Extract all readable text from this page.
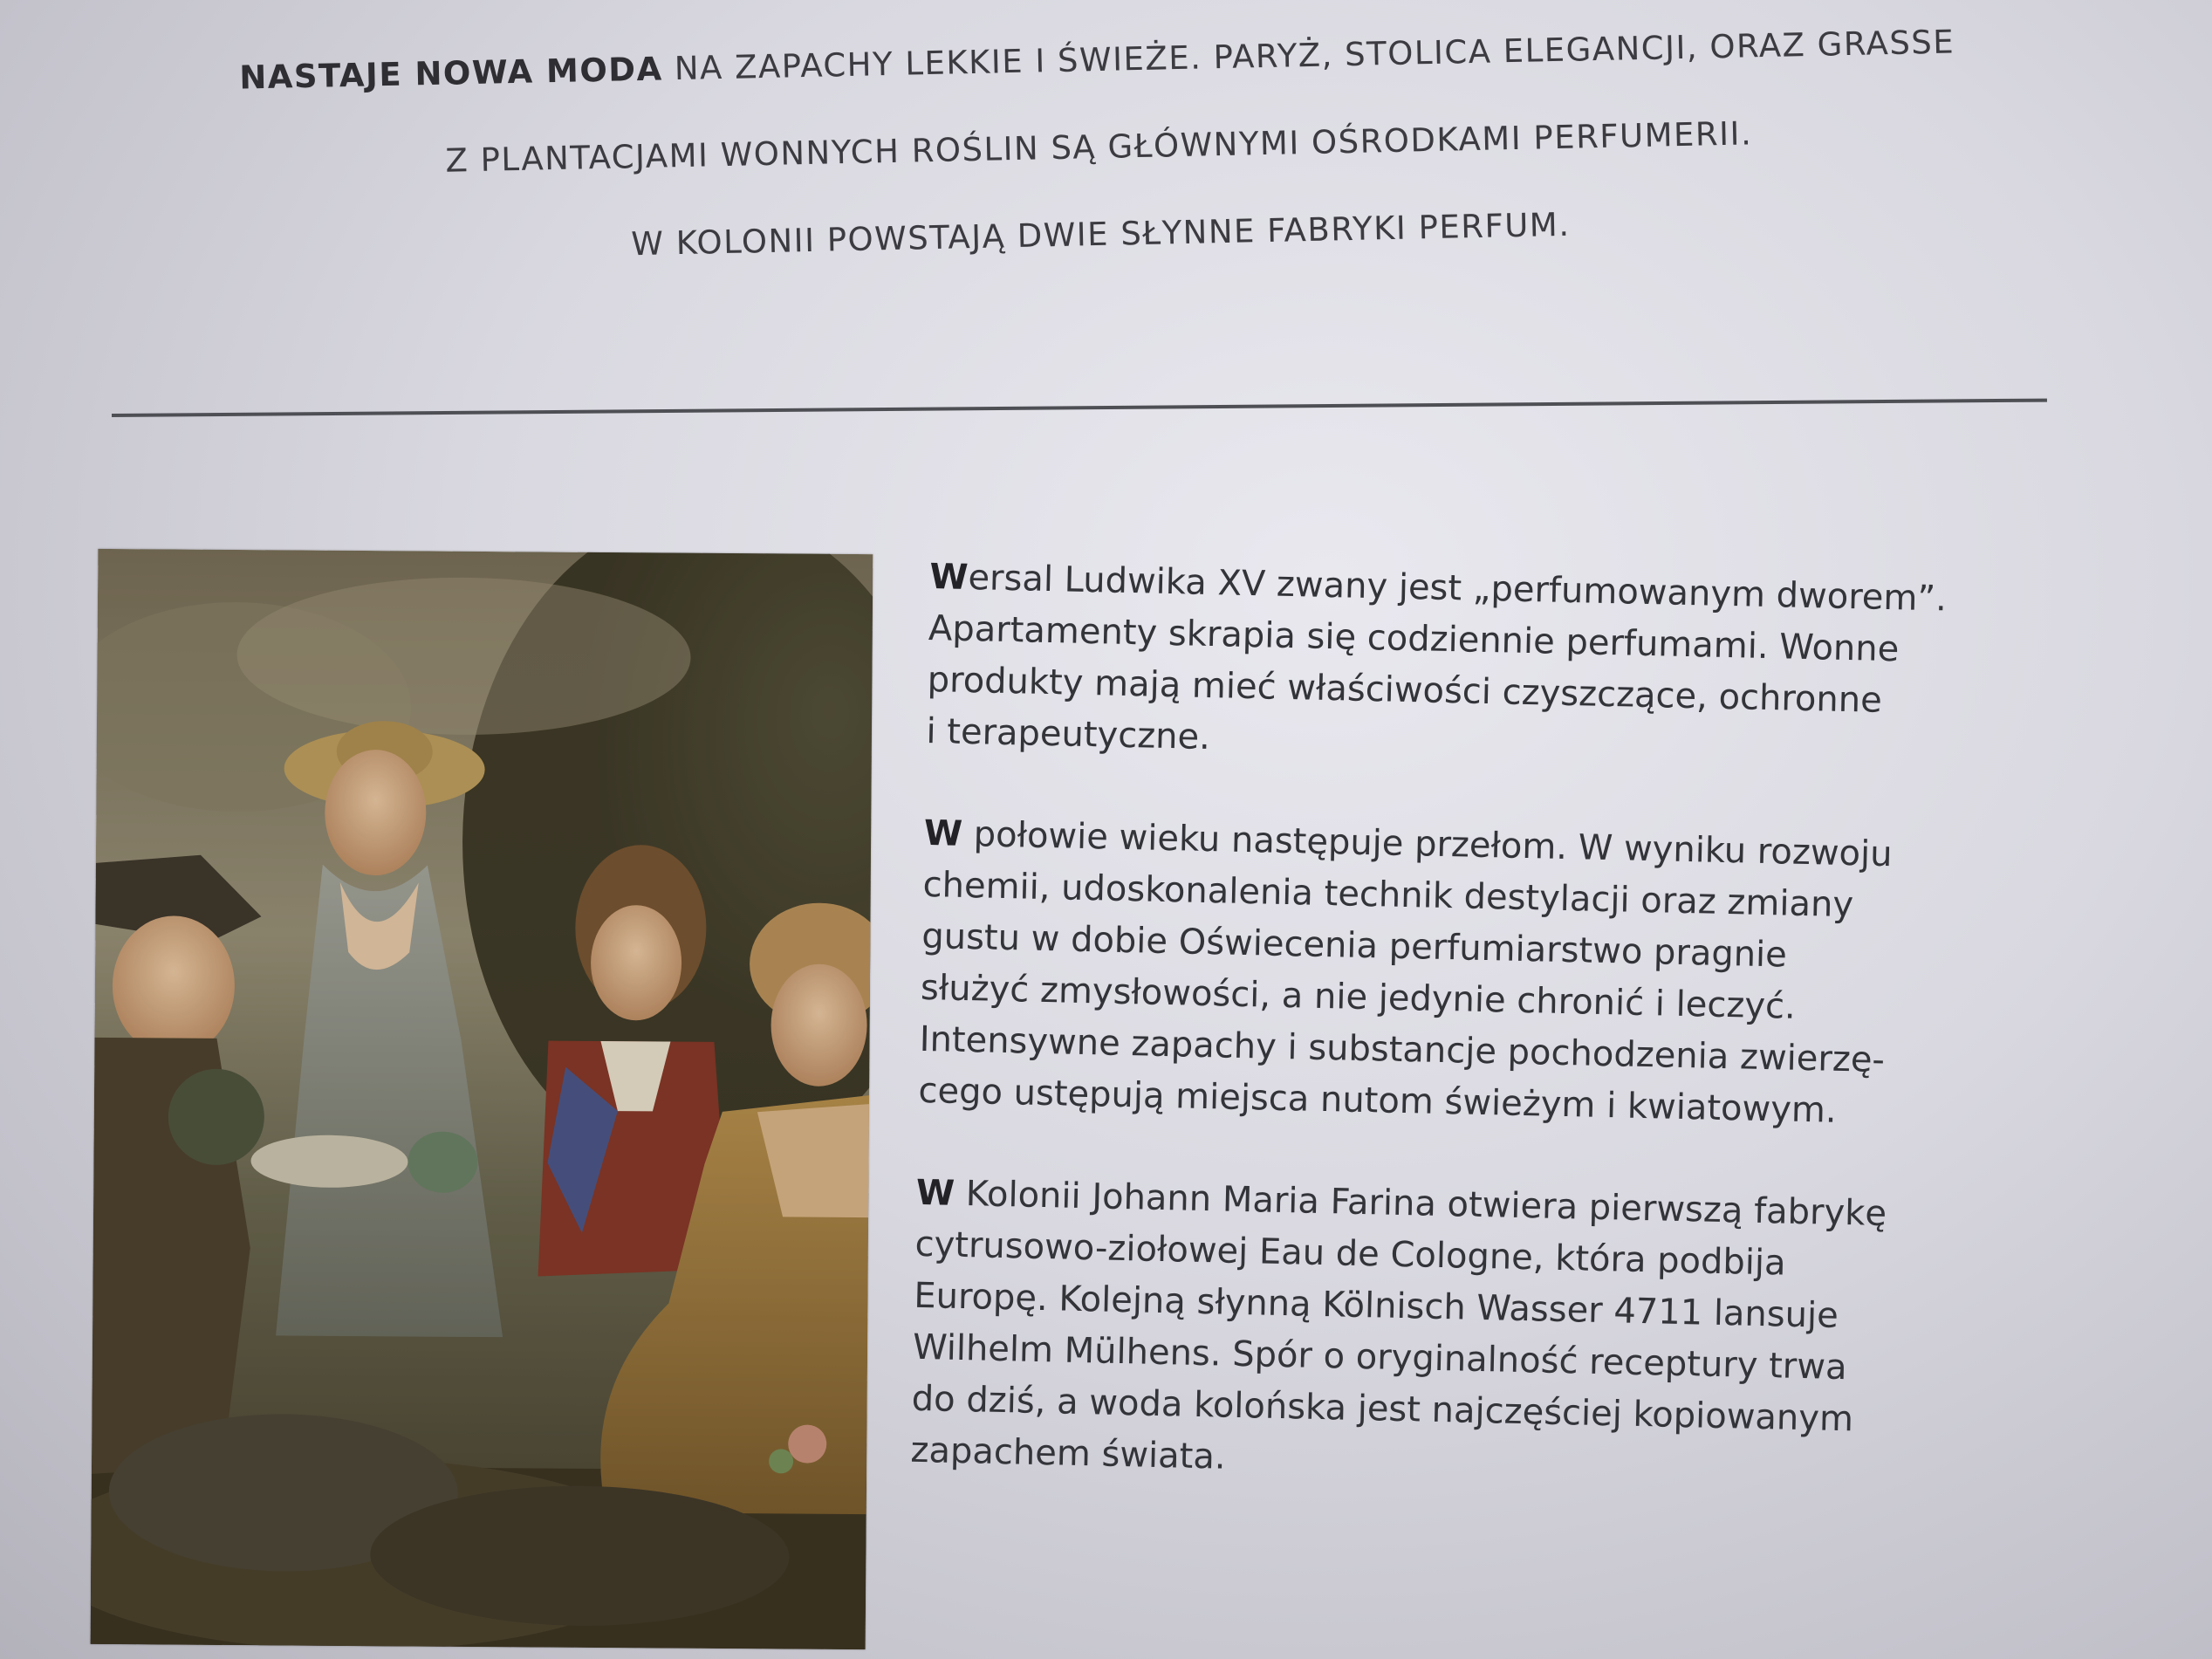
NASTAJE NOWA MODA NA ZAPACHY LEKKIE I ŚWIEŻE. PARYŻ, STOLICA ELEGANCJI, ORAZ GRASSE
Z PLANTACJAMI WONNYCH ROŚLIN SĄ GŁÓWNYMI OŚRODKAMI PERFUMERII.
W KOLONII POWSTAJĄ DWIE SŁYNNE FABRYKI PERFUM.
Wersal Ludwika XV zwany jest „perfumowanym dworem”.
Apartamenty skrapia się codziennie perfumami. Wonne
produkty mają mieć właściwości czyszczące, ochronne
i terapeutyczne.
W połowie wieku następuje przełom. W wyniku rozwoju
chemii, udoskonalenia technik destylacji oraz zmiany
gustu w dobie Oświecenia perfumiarstwo pragnie
służyć zmysłowości, a nie jedynie chronić i leczyć.
Intensywne zapachy i substancje pochodzenia zwierzę-
cego ustępują miejsca nutom świeżym i kwiatowym.
W Kolonii Johann Maria Farina otwiera pierwszą fabrykę
cytrusowo-ziołowej Eau de Cologne, która podbija
Europę. Kolejną słynną Kölnisch Wasser 4711 lansuje
Wilhelm Mülhens. Spór o oryginalność receptury trwa
do dziś, a woda kolońska jest najczęściej kopiowanym
zapachem świata.
